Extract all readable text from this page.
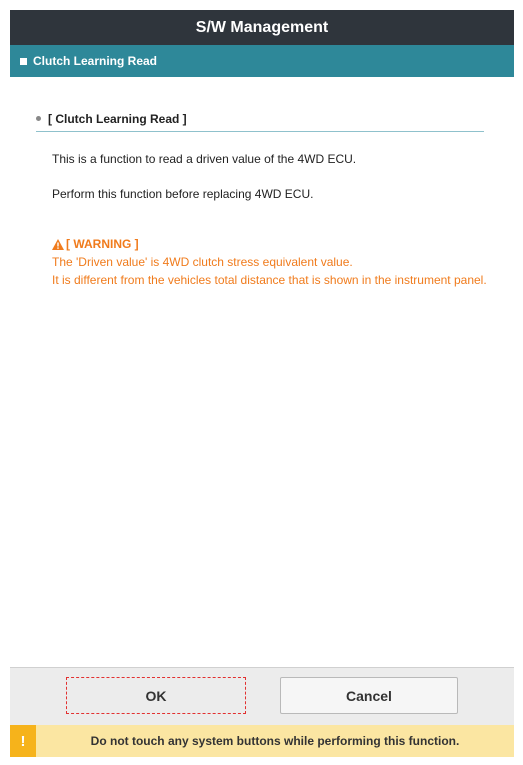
S/W Management
Clutch Learning Read
[ Clutch Learning Read ]
This is a function to read a driven value of the 4WD ECU.
Perform this function before replacing 4WD ECU.
[ WARNING ]
The 'Driven value' is 4WD clutch stress equivalent value.
It is different from the vehicles total distance that is shown in the instrument panel.
OK	Cancel
!	Do not touch any system buttons while performing this function.
